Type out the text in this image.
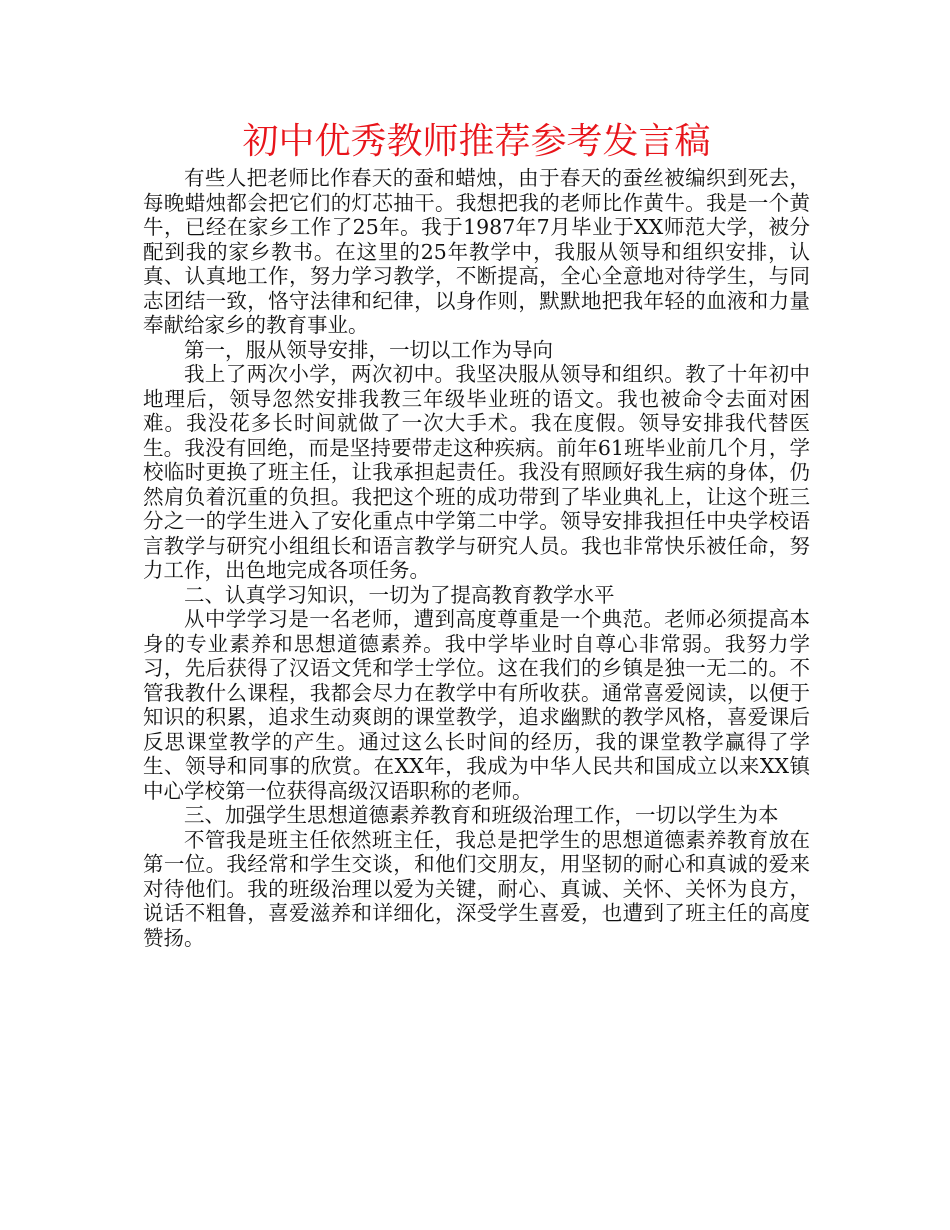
初中优秀教师推荐参考发言稿

有些人把老师比作春天的蚕和蜡烛，由于春天的蚕丝被编织到死去，每晚蜡烛都会把它们的灯芯抽干。我想把我的老师比作黄牛。我是一个黄牛，已经在家乡工作了25年。我于1987年7月毕业于XX师范大学，被分配到我的家乡教书。在这里的25年教学中，我服从领导和组织安排，认真、认真地工作，努力学习教学，不断提高，全心全意地对待学生，与同志团结一致，恪守法律和纪律，以身作则，默默地把我年轻的血液和力量奉献给家乡的教育事业。

第一，服从领导安排，一切以工作为导向

我上了两次小学，两次初中。我坚决服从领导和组织。教了十年初中地理后，领导忽然安排我教三年级毕业班的语文。我也被命令去面对困难。我没花多长时间就做了一次大手术。我在度假。领导安排我代替医生。我没有回绝，而是坚持要带走这种疾病。前年61班毕业前几个月，学校临时更换了班主任，让我承担起责任。我没有照顾好我生病的身体，仍然肩负着沉重的负担。我把这个班的成功带到了毕业典礼上，让这个班三分之一的学生进入了安化重点中学第二中学。领导安排我担任中央学校语言教学与研究小组组长和语言教学与研究人员。我也非常快乐被任命，努力工作，出色地完成各项任务。

二、认真学习知识，一切为了提高教育教学水平

从中学学习是一名老师，遭到高度尊重是一个典范。老师必须提高本身的专业素养和思想道德素养。我中学毕业时自尊心非常弱。我努力学习，先后获得了汉语文凭和学士学位。这在我们的乡镇是独一无二的。不管我教什么课程，我都会尽力在教学中有所收获。通常喜爱阅读，以便于知识的积累，追求生动爽朗的课堂教学，追求幽默的教学风格，喜爱课后反思课堂教学的产生。通过这么长时间的经历，我的课堂教学赢得了学生、领导和同事的欣赏。在XX年，我成为中华人民共和国成立以来XX镇中心学校第一位获得高级汉语职称的老师。

三、加强学生思想道德素养教育和班级治理工作，一切以学生为本

不管我是班主任依然班主任，我总是把学生的思想道德素养教育放在第一位。我经常和学生交谈，和他们交朋友，用坚韧的耐心和真诚的爱来对待他们。我的班级治理以爱为关键，耐心、真诚、关怀、关怀为良方，说话不粗鲁，喜爱滋养和详细化，深受学生喜爱，也遭到了班主任的高度赞扬。
